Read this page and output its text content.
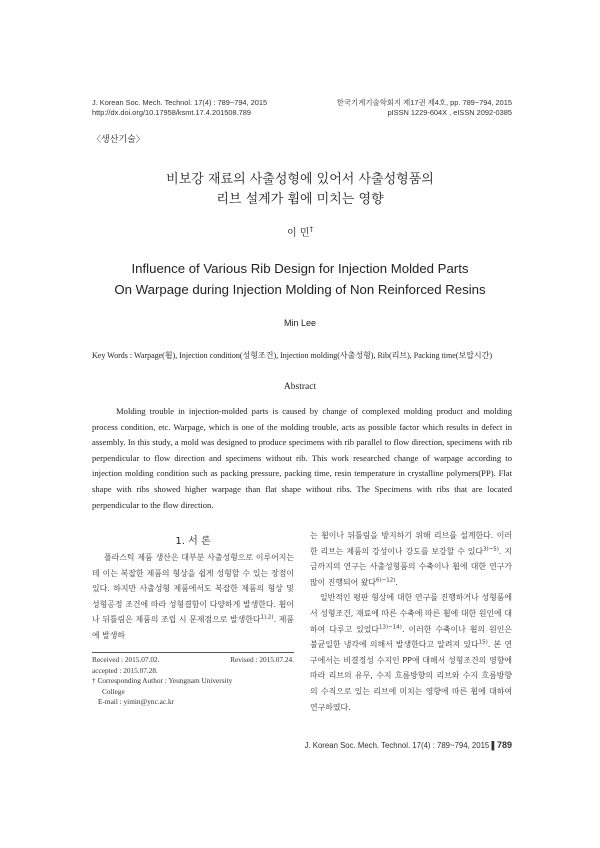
J. Korean Soc. Mech. Technol. 17(4) : 789~794, 2015
http://dx.doi.org/10.17958/ksmt.17.4.201508.789
한국기계기술학회지 제17권 제4호, pp. 789~794, 2015
pISSN 1229-604X , eISSN 2092-0385
〈생산기술〉
비보강 재료의 사출성형에 있어서 사출성형품의
리브 설계가 휨에 미치는 영향
이 민†
Influence of Various Rib Design for Injection Molded Parts
On Warpage during Injection Molding of Non Reinforced Resins
Min Lee
Key Words : Warpage(휨), Injection condition(성형조건), Injection molding(사출성형), Rib(리브), Packing time(보압시간)
Abstract
Molding trouble in injection-molded parts is caused by change of complexed molding product and molding process condition, etc. Warpage, which is one of the molding trouble, acts as possible factor which results in defect in assembly. In this study, a mold was designed to produce specimens with rib parallel to flow direction, specimens with rib perpendicular to flow direction and specimens without rib. This work researched change of warpage according to injection molding condition such as packing pressure, packing time, resin temperature in crystalline polymers(PP). Flat shape with ribs showed higher warpage than flat shape without ribs. The Specimens with ribs that are located perpendicular to the flow direction.
1. 서 론
플라스틱 제품 생산은 대부분 사출성형으로 이루어지는데 이는 복잡한 제품의 형상을 쉽게 성형할 수 있는 장점이 있다. 하지만 사출성형 제품에서도 복잡한 제품의 형상 및 성형공정 조건에 따라 성형결함이 다양하게 발생한다. 휨이나 뒤틀림은 제품의 조립 시 문제점으로 발생한다$^{1),2)}$. 제품에 발생하
는 휨이나 뒤틀림을 방지하기 위해 리브를 설계한다. 이러한 리브는 제품의 강성이나 강도를 보강할 수 있다$^{3)\sim 5)}$. 지금까지의 연구는 사출성형품의 수축이나 휨에 대한 연구가 많이 진행되어 왔다$^{6)\sim 12)}$.
일반적인 평판 형상에 대한 연구를 진행하거나 성형품에서 성형조건, 재료에 따른 수축에 따른 휨에 대한 원인에 대하여 다루고 있었다$^{13)\sim 14)}$. 이러한 수축이나 휨의 원인은 불균일한 냉각에 의해서 발생한다고 알려져 있다$^{15)}$. 본 연구에서는 비결정성 수지인 PP에 대해서 성형조건의 영향에 따라 리브의 유무, 수지 흐름방향의 리브와 수지 흐름방향의 수직으로 있는 리브에 미치는 영향에 따른 휨에 대하여 연구하였다.
Received : 2015.07.02.	Revised : 2015.07.24.
accepted : 2015.07.28.
† Corresponding Author : Yeungnam University
College
E-mail : yimin@ync.ac.kr
J. Korean Soc. Mech. Technol. 17(4) : 789~794, 2015 ▌789
